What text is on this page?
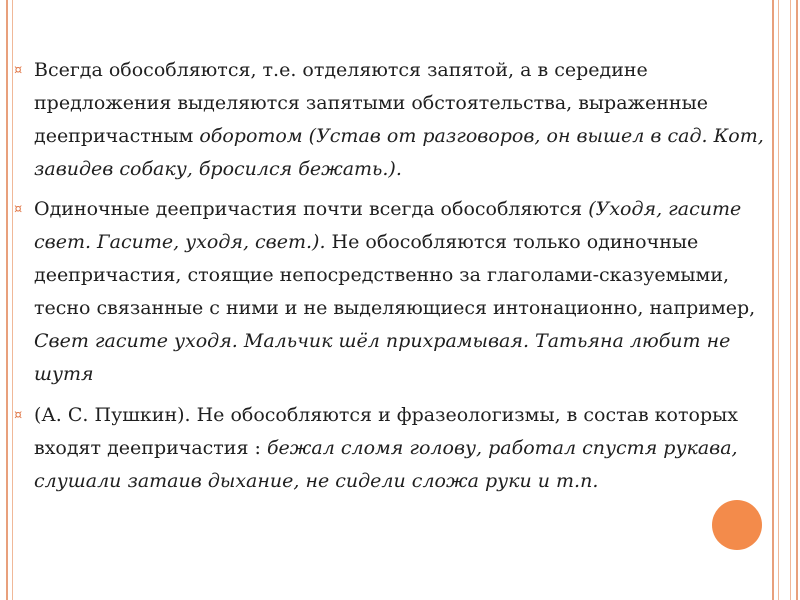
¤ Всегда обособляются, т.е. отделяются запятой, а в середине предложения выделяются запятыми обстоятельства, выраженные деепричастным оборотом (Устав от разговоров, он вышел в сад. Кот, завидев собаку, бросился бежать.).
¤ Одиночные деепричастия почти всегда обособляются (Уходя, гасите свет. Гасите, уходя, свет.). Не обособляются только одиночные деепричастия, стоящие непосредственно за глаголами-сказуемыми, тесно связанные с ними и не выделяющиеся интонационно, например, Свет гасите уходя. Мальчик шёл прихрамывая. Татьяна любит не шутя
¤ (А. С. Пушкин). Не обособляются и фразеологизмы, в состав которых входят деепричастия : бежал сломя голову, работал спустя рукава, слушали затаив дыхание, не сидели сложа руки и т.п.
